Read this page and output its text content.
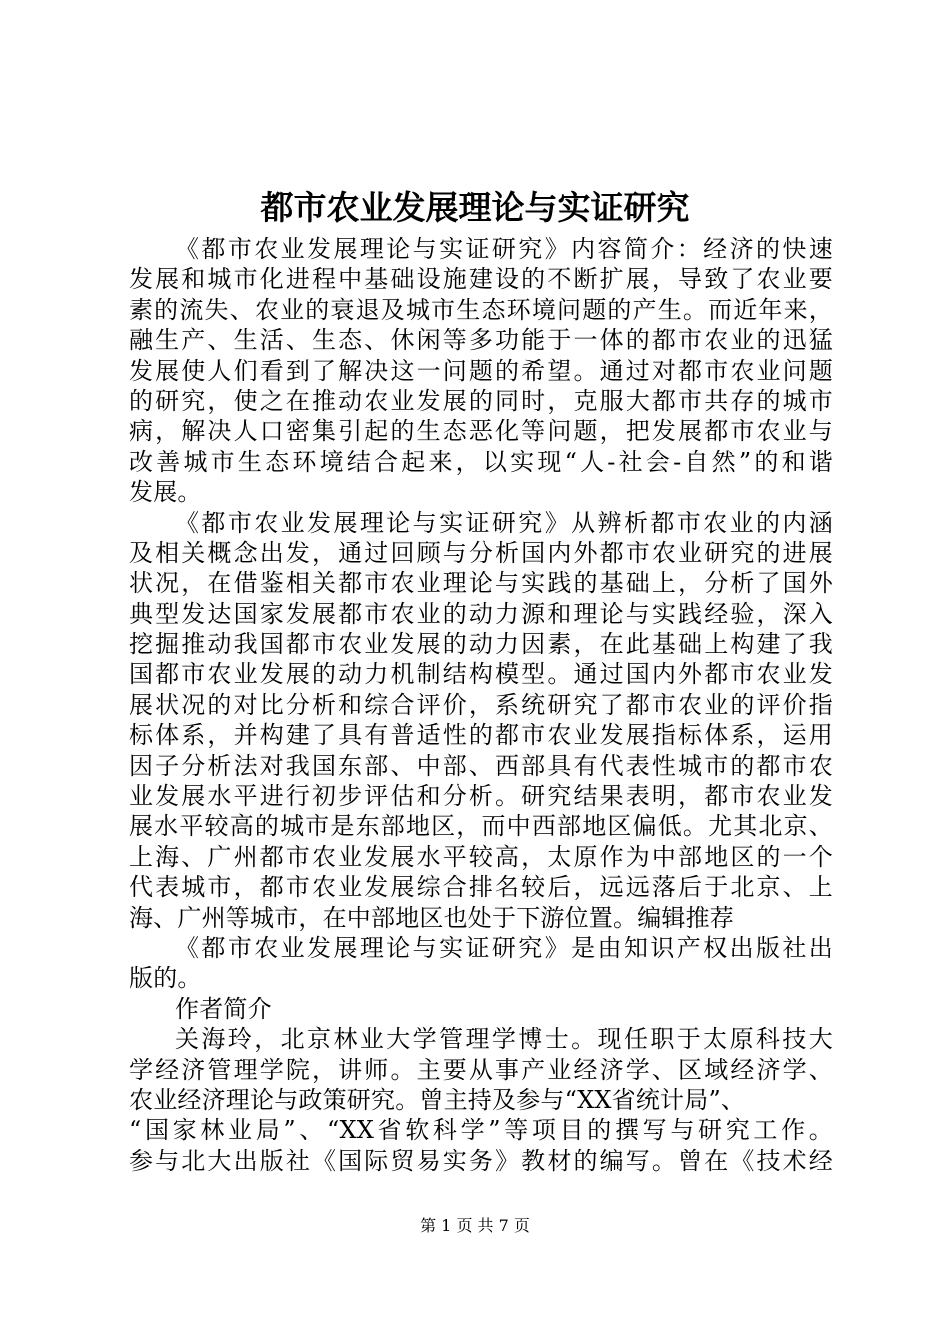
都市农业发展理论与实证研究
《都市农业发展理论与实证研究》内容简介：经济的快速
发展和城市化进程中基础设施建设的不断扩展，导致了农业要
素的流失、农业的衰退及城市生态环境问题的产生。而近年来，
融生产、生活、生态、休闲等多功能于一体的都市农业的迅猛
发展使人们看到了解决这一问题的希望。通过对都市农业问题
的研究，使之在推动农业发展的同时，克服大都市共存的城市
病，解决人口密集引起的生态恶化等问题，把发展都市农业与
改善城市生态环境结合起来，以实现“人-社会-自然”的和谐
发展。
《都市农业发展理论与实证研究》从辨析都市农业的内涵
及相关概念出发，通过回顾与分析国内外都市农业研究的进展
状况，在借鉴相关都市农业理论与实践的基础上，分析了国外
典型发达国家发展都市农业的动力源和理论与实践经验，深入
挖掘推动我国都市农业发展的动力因素，在此基础上构建了我
国都市农业发展的动力机制结构模型。通过国内外都市农业发
展状况的对比分析和综合评价，系统研究了都市农业的评价指
标体系，并构建了具有普适性的都市农业发展指标体系，运用
因子分析法对我国东部、中部、西部具有代表性城市的都市农
业发展水平进行初步评估和分析。研究结果表明，都市农业发
展水平较高的城市是东部地区，而中西部地区偏低。尤其北京、
上海、广州都市农业发展水平较高，太原作为中部地区的一个
代表城市，都市农业发展综合排名较后，远远落后于北京、上
海、广州等城市，在中部地区也处于下游位置。编辑推荐
《都市农业发展理论与实证研究》是由知识产权出版社出
版的。
作者简介
关海玲，北京林业大学管理学博士。现任职于太原科技大
学经济管理学院，讲师。主要从事产业经济学、区域经济学、
农业经济理论与政策研究。曾主持及参与“XX省统计局”、
“国家林业局”、“XX省软科学”等项目的撰写与研究工作。
参与北大出版社《国际贸易实务》教材的编写。曾在《技术经
第 1 页 共 7 页
